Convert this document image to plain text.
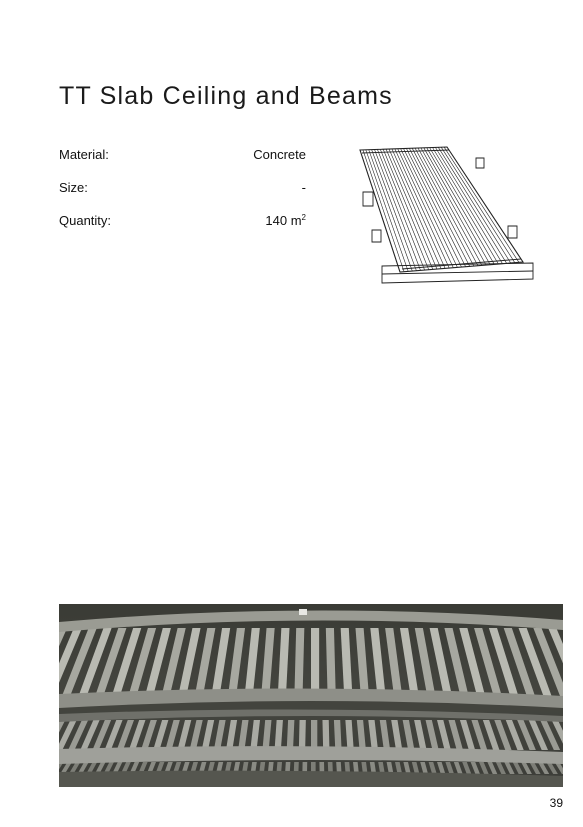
TT Slab Ceiling and Beams
Material:	Concrete
Size:	-
Quantity:	140 $m^2$
39
